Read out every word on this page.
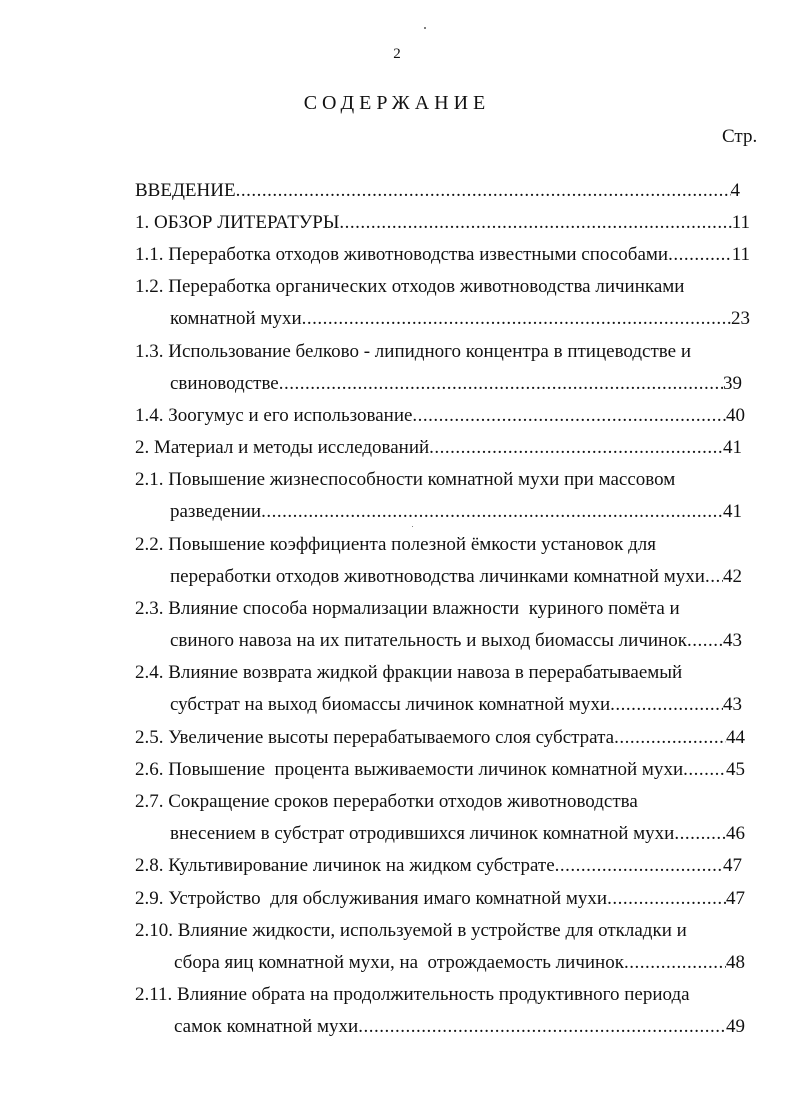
2
СОДЕРЖАНИЕ
Стр.
ВВЕДЕНИЕ .....	4
1. ОБЗОР ЛИТЕРАТУРЫ .....	11
1.1. Переработка отходов животноводства известными способами .....	11
1.2. Переработка органических отходов животноводства личинками
комнатной мухи .....	23
1.3. Использование белково - липидного концентра в птицеводстве и
свиноводстве .....	39
1.4. Зоогумус и его использование .....	40
2. Материал и методы исследований .....	41
2.1. Повышение жизнеспособности комнатной мухи при массовом
разведении .....	41
2.2. Повышение коэффициента полезной ёмкости установок для
переработки отходов животноводства личинками комнатной мухи ..... 42
2.3. Влияние способа нормализации влажности  куриного помёта и
свиного навоза на их питательность и выход биомассы личинок ..... 43
2.4. Влияние возврата жидкой фракции навоза в перерабатываемый
субстрат на выход биомассы личинок комнатной мухи .....	43
2.5. Увеличение высоты перерабатываемого слоя субстрата .....	44
2.6. Повышение  процента выживаемости личинок комнатной мухи ..... 45
2.7. Сокращение сроков переработки отходов животноводства
внесением в субстрат отродившихся личинок комнатной мухи .....	46
2.8. Культивирование личинок на жидком субстрате .....	47
2.9. Устройство  для обслуживания имаго комнатной мухи .....	47
2.10. Влияние жидкости, используемой в устройстве для откладки и
сбора яиц комнатной мухи, на  отрождаемость личинок .....	48
2.11. Влияние обрата на продолжительность продуктивного периода
самок комнатной мухи .....	49
